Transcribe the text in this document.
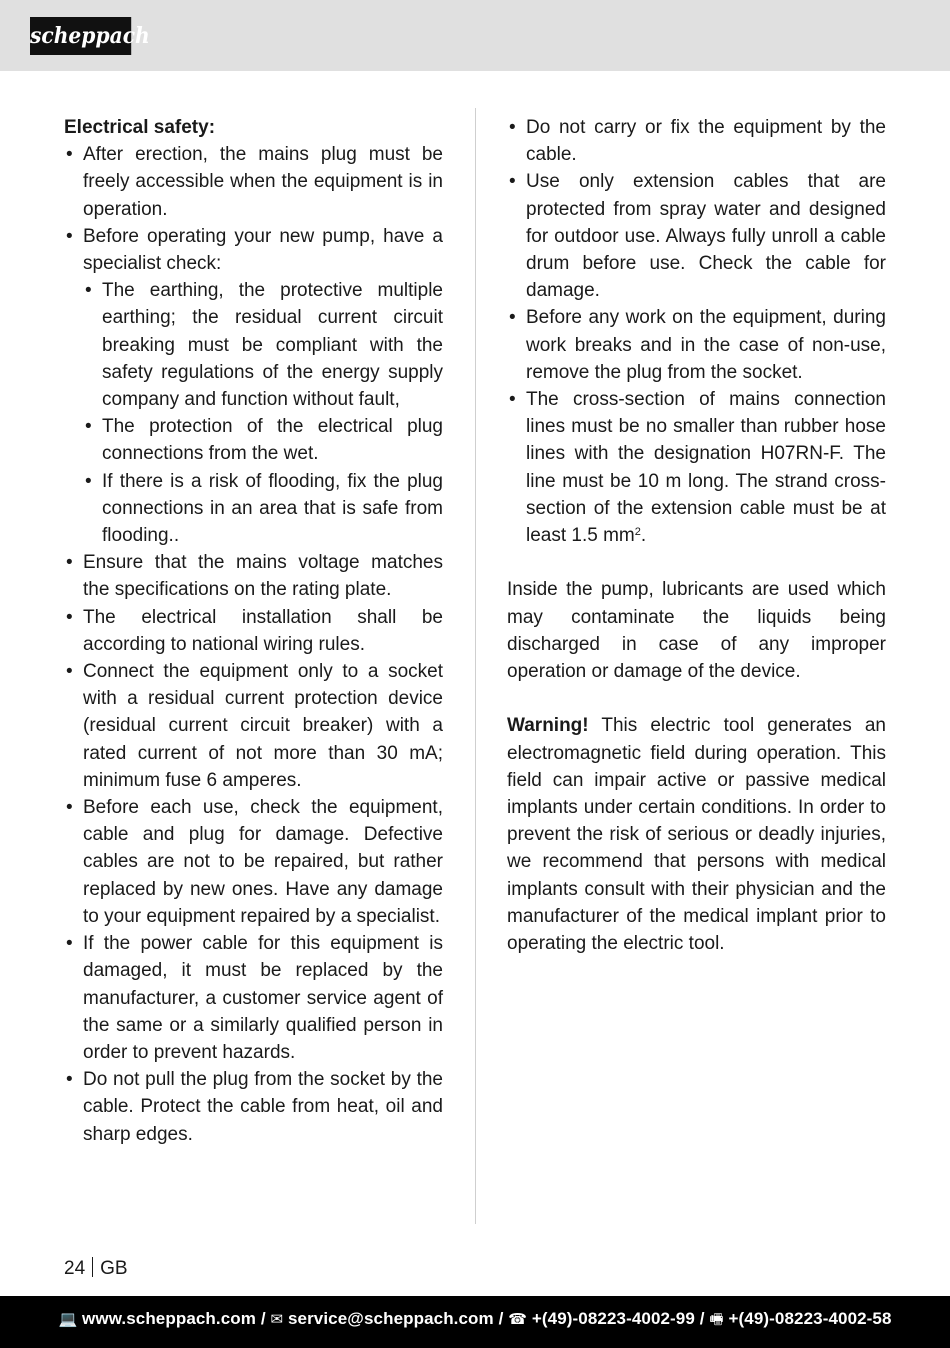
scheppach

Electrical safety:

• After erection, the mains plug must be freely accessible when the equipment is in operation.
• Before operating your new pump, have a specialist check:
• The earthing, the protective multiple earthing; the residual current circuit breaking must be compliant with the safety regulations of the energy supply company and function without fault,
• The protection of the electrical plug connections from the wet.
• If there is a risk of flooding, fix the plug connections in an area that is safe from flooding..
• Ensure that the mains voltage matches the specifications on the rating plate.
• The electrical installation shall be according to national wiring rules.
• Connect the equipment only to a socket with a residual current protection device (residual current circuit breaker) with a rated current of not more than 30 mA; minimum fuse 6 amperes.
• Before each use, check the equipment, cable and plug for damage. Defective cables are not to be repaired, but rather replaced by new ones. Have any damage to your equipment repaired by a specialist.
• If the power cable for this equipment is damaged, it must be replaced by the manufacturer, a customer service agent of the same or a similarly qualified person in order to prevent hazards.
• Do not pull the plug from the socket by the cable. Protect the cable from heat, oil and sharp edges.
• Do not carry or fix the equipment by the cable.
• Use only extension cables that are protected from spray water and designed for outdoor use. Always fully unroll a cable drum before use. Check the cable for damage.
• Before any work on the equipment, during work breaks and in the case of non-use, remove the plug from the socket.
• The cross-section of mains connection lines must be no smaller than rubber hose lines with the designation H07RN-F. The line must be 10 m long. The strand cross-section of the extension cable must be at least 1.5 $mm^2$.

Inside the pump, lubricants are used which may contaminate the liquids being discharged in case of any improper operation or damage of the device.

Warning! This electric tool generates an electromagnetic field during operation. This field can impair active or passive medical implants under certain conditions. In order to prevent the risk of serious or deadly injuries, we recommend that persons with medical implants consult with their physician and the manufacturer of the medical implant prior to operating the electric tool.

24 GB
💻 www.scheppach.com / ✉ service@scheppach.com / ☎ +(49)-08223-4002-99 / 🖷 +(49)-08223-4002-58
